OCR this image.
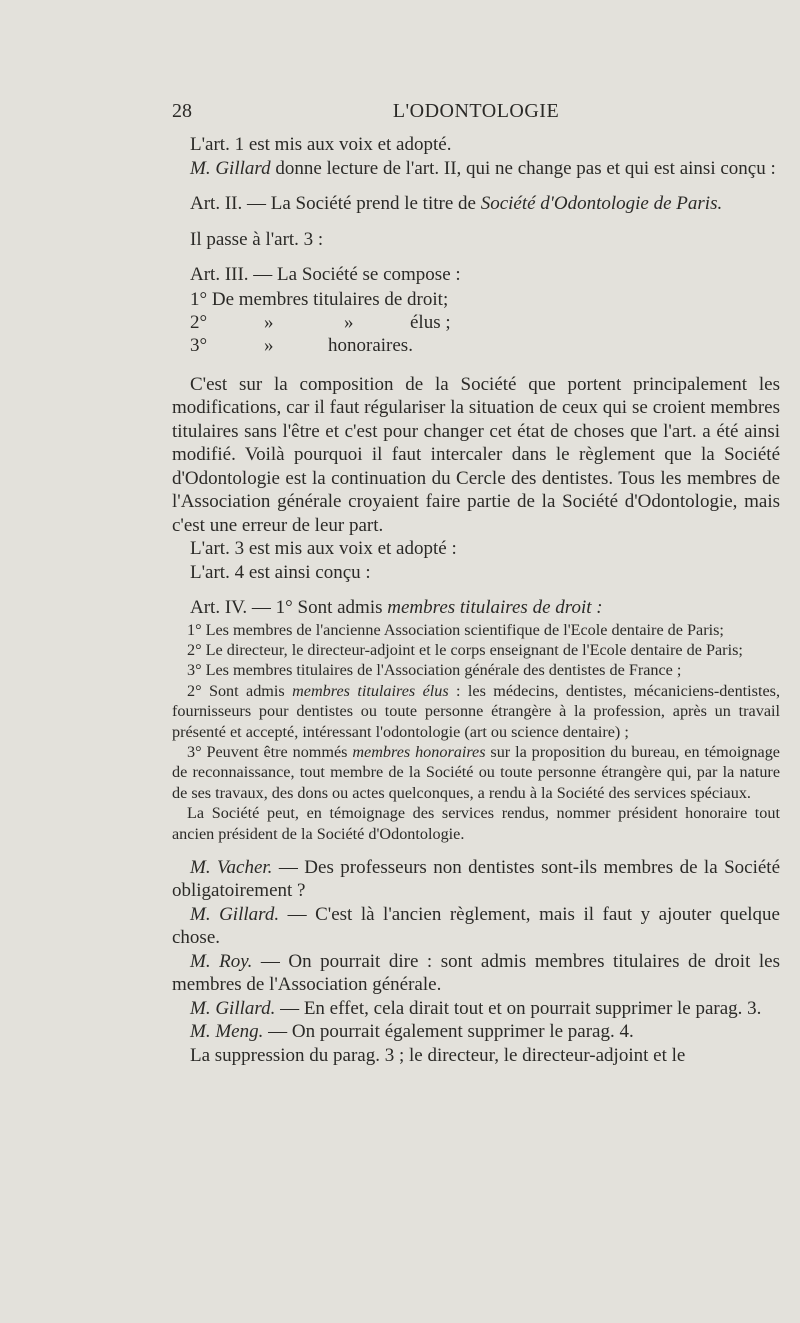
28	L'ODONTOLOGIE

L'art. 1 est mis aux voix et adopté.

M. Gillard donne lecture de l'art. II, qui ne change pas et qui est ainsi conçu :

Art. II. — La Société prend le titre de Société d'Odontologie de Paris.

Il passe à l'art. 3 :

Art. III. — La Société se compose :

1° De membres titulaires de droit;
2°	»	»	élus ;
3°	»	honoraires.

C'est sur la composition de la Société que portent principalement les modifications, car il faut régulariser la situation de ceux qui se croient membres titulaires sans l'être et c'est pour changer cet état de choses que l'art. a été ainsi modifié. Voilà pourquoi il faut intercaler dans le règlement que la Société d'Odontologie est la continuation du Cercle des dentistes. Tous les membres de l'Association générale croyaient faire partie de la Société d'Odontologie, mais c'est une erreur de leur part.

L'art. 3 est mis aux voix et adopté :

L'art. 4 est ainsi conçu :

Art. IV. — 1° Sont admis membres titulaires de droit :

1° Les membres de l'ancienne Association scientifique de l'Ecole dentaire de Paris;

2° Le directeur, le directeur-adjoint et le corps enseignant de l'Ecole dentaire de Paris;

3° Les membres titulaires de l'Association générale des dentistes de France ;

2° Sont admis membres titulaires élus : les médecins, dentistes, mécaniciens-dentistes, fournisseurs pour dentistes ou toute personne étrangère à la profession, après un travail présenté et accepté, intéressant l'odontologie (art ou science dentaire) ;

3° Peuvent être nommés membres honoraires sur la proposition du bureau, en témoignage de reconnaissance, tout membre de la Société ou toute personne étrangère qui, par la nature de ses travaux, des dons ou actes quelconques, a rendu à la Société des services spéciaux.

La Société peut, en témoignage des services rendus, nommer président honoraire tout ancien président de la Société d'Odontologie.

M. Vacher. — Des professeurs non dentistes sont-ils membres de la Société obligatoirement ?

M. Gillard. — C'est là l'ancien règlement, mais il faut y ajouter quelque chose.

M. Roy. — On pourrait dire : sont admis membres titulaires de droit les membres de l'Association générale.

M. Gillard. — En effet, cela dirait tout et on pourrait supprimer le parag. 3.

M. Meng. — On pourrait également supprimer le parag. 4.

La suppression du parag. 3 ; le directeur, le directeur-adjoint et le
